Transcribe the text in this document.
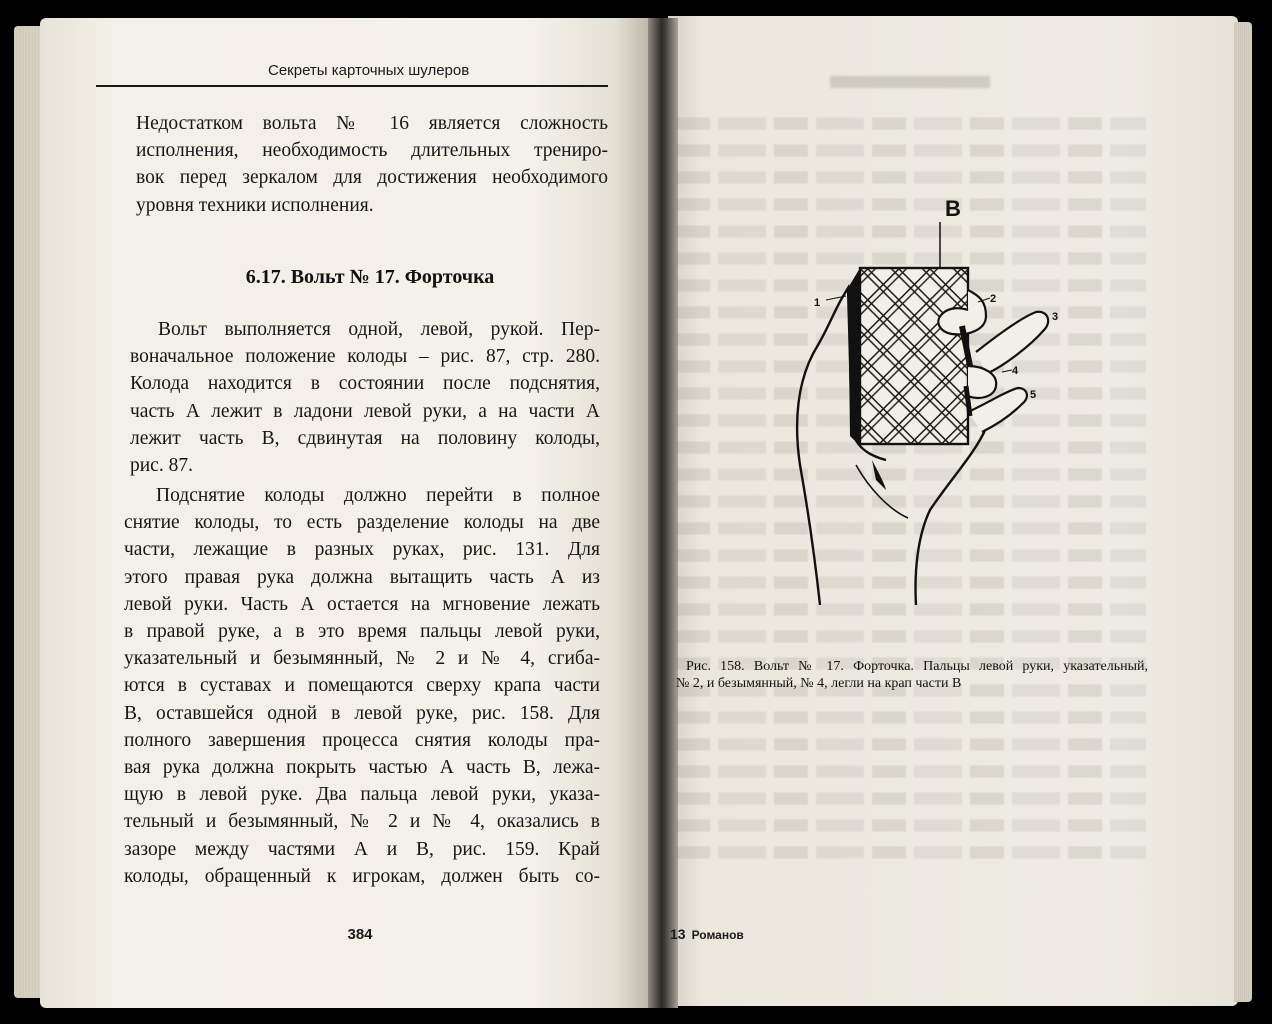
Секреты карточных шулеров
Недостатком вольта № 16 является сложность
исполнения, необходимость длительных трениро-
вок перед зеркалом для достижения необходимого
уровня техники исполнения.
6.17. Вольт № 17. Форточка
Вольт выполняется одной, левой, рукой. Пер-
воначальное положение колоды – рис. 87, стр. 280.
Колода находится в состоянии после подснятия,
часть А лежит в ладони левой руки, а на части А
лежит часть В, сдвинутая на половину колоды,
рис. 87.
Подснятие колоды должно перейти в полное
снятие колоды, то есть разделение колоды на две
части, лежащие в разных руках, рис. 131. Для
этого правая рука должна вытащить часть А из
левой руки. Часть А остается на мгновение лежать
в правой руке, а в это время пальцы левой руки,
указательный и безымянный, № 2 и № 4, сгиба-
ются в суставах и помещаются сверху крапа части
В, оставшейся одной в левой руке, рис. 158. Для
полного завершения процесса снятия колоды пра-
вая рука должна покрыть частью А часть В, лежа-
щую в левой руке. Два пальца левой руки, указа-
тельный и безымянный, № 2 и № 4, оказались в
зазоре между частями А и В, рис. 159. Край
колоды, обращенный к игрокам, должен быть со-
384
1	2
3
4
5
B
Рис. 158. Вольт № 17. Форточка. Пальцы левой руки, указательный,
№ 2, и безымянный, № 4, легли на крап части В
13 Романов
